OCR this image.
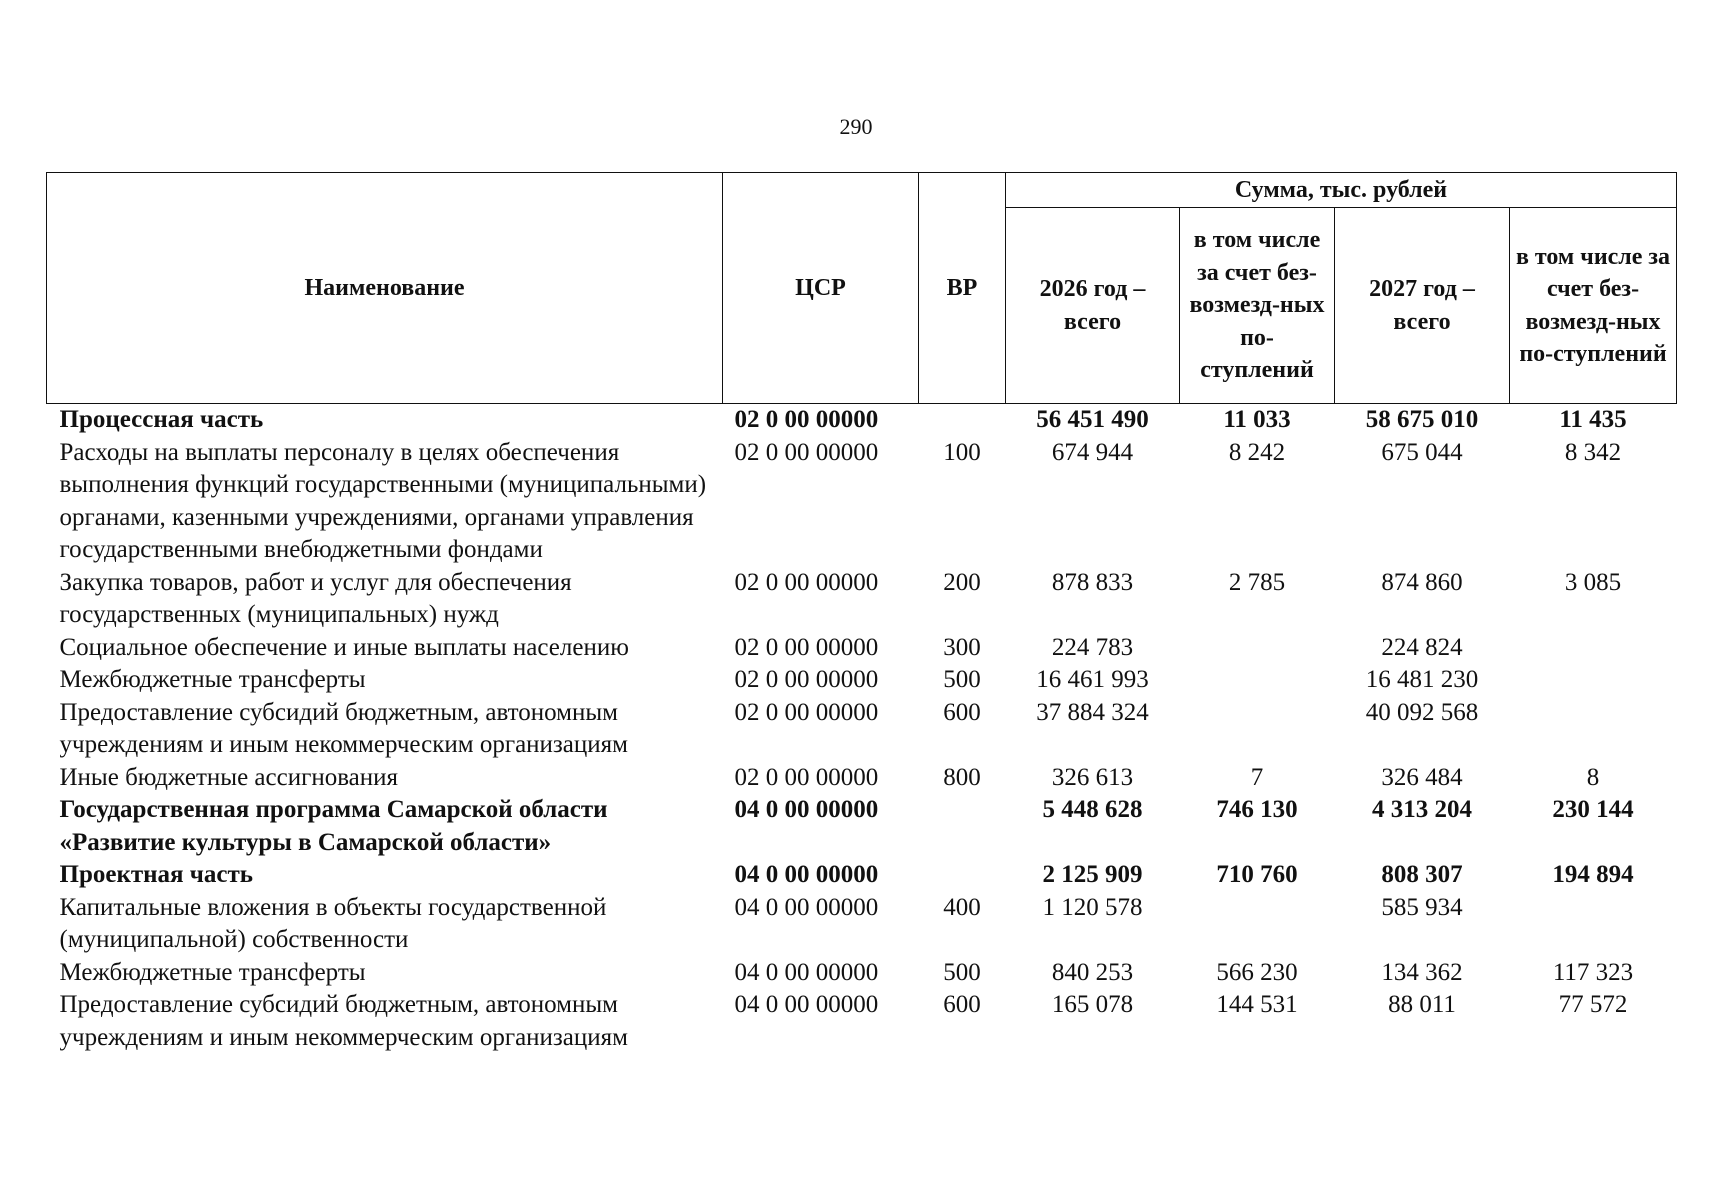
290
Наименование	ЦСР	ВР	Сумма, тыс. рублей			
			2026 год – всего	в том числе за счет без-возмезд-ных по-ступлений	2027 год – всего	в том числе за счет без-возмезд-ных по-ступлений
Процессная часть	02 0 00 00000		56 451 490	11 033	58 675 010	11 435
Расходы на выплаты персоналу в целях обеспечения выполнения функций государственными (муниципальными) органами, казенными учреждениями, органами управления государственными внебюджетными фондами	02 0 00 00000	100	674 944	8 242	675 044	8 342
Закупка товаров, работ и услуг для обеспечения государственных (муниципальных) нужд	02 0 00 00000	200	878 833	2 785	874 860	3 085
Социальное обеспечение и иные выплаты населению	02 0 00 00000	300	224 783		224 824	
Межбюджетные трансферты	02 0 00 00000	500	16 461 993		16 481 230	
Предоставление субсидий бюджетным, автономным учреждениям и иным некоммерческим организациям	02 0 00 00000	600	37 884 324		40 092 568	
Иные бюджетные ассигнования	02 0 00 00000	800	326 613	7	326 484	8
Государственная программа Самарской области «Развитие культуры в Самарской области»	04 0 00 00000		5 448 628	746 130	4 313 204	230 144
Проектная часть	04 0 00 00000		2 125 909	710 760	808 307	194 894
Капитальные вложения в объекты государственной (муниципальной) собственности	04 0 00 00000	400	1 120 578		585 934	
Межбюджетные трансферты	04 0 00 00000	500	840 253	566 230	134 362	117 323
Предоставление субсидий бюджетным, автономным учреждениям и иным некоммерческим организациям	04 0 00 00000	600	165 078	144 531	88 011	77 572
